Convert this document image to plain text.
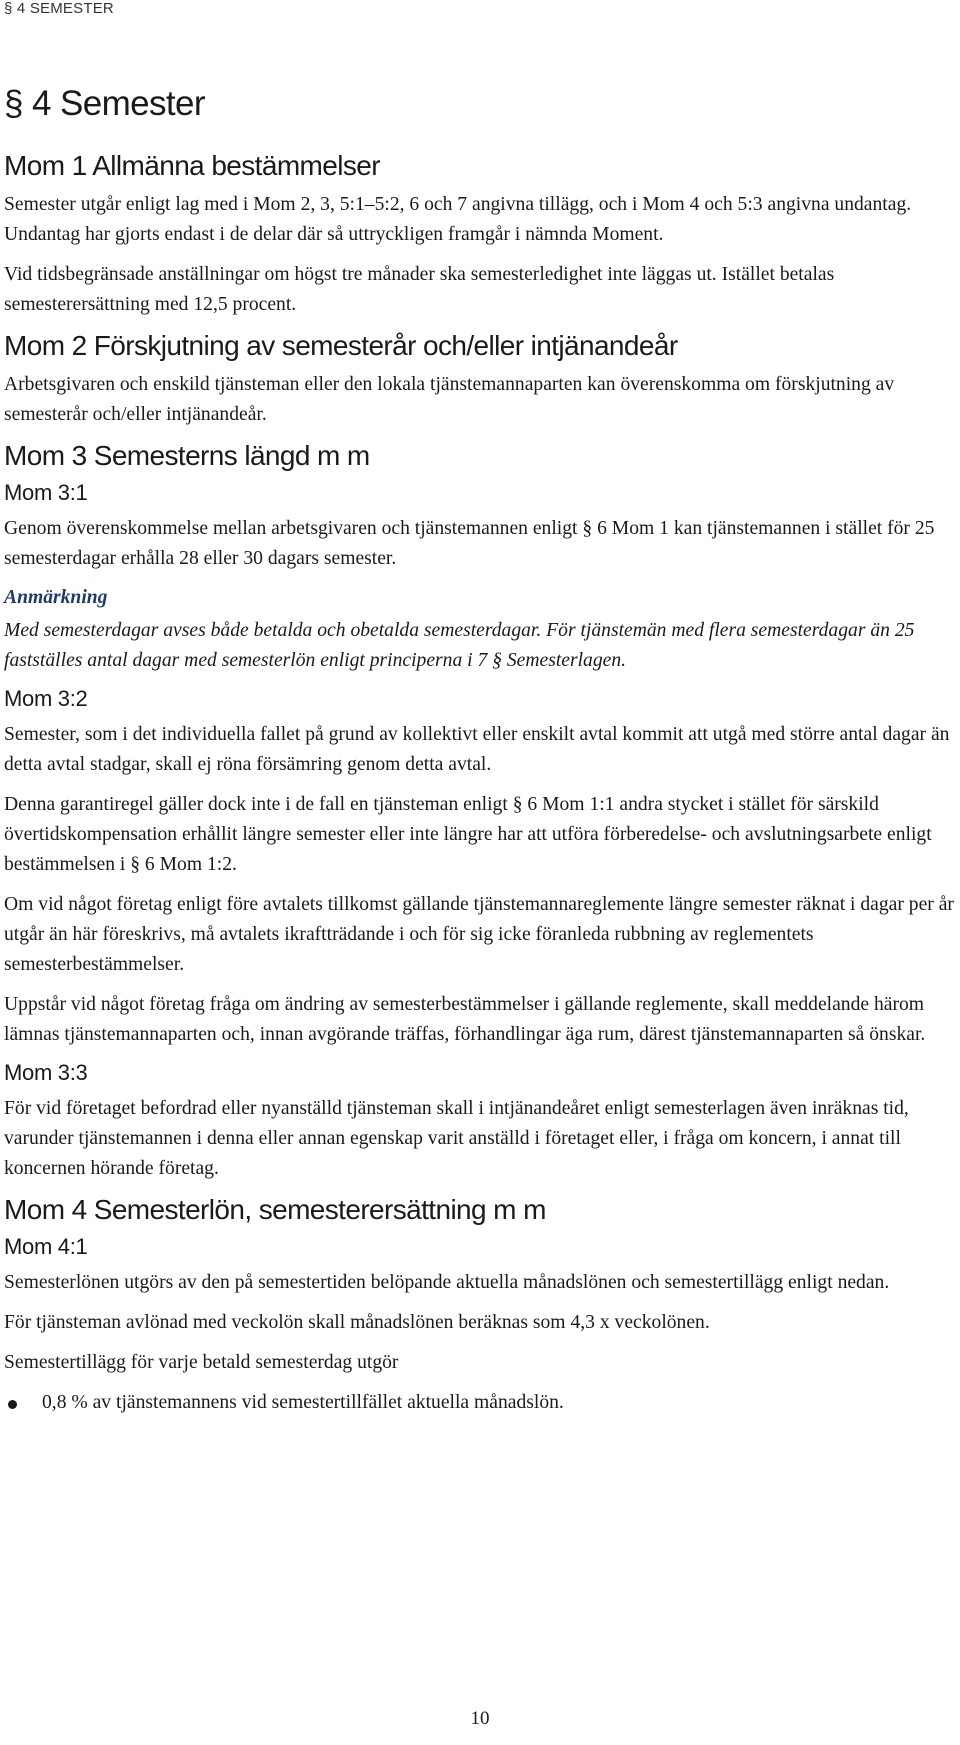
§ 4 SEMESTER
§ 4 Semester
Mom 1 Allmänna bestämmelser

Semester utgår enligt lag med i Mom 2, 3, 5:1–5:2, 6 och 7 angivna tillägg, och i Mom 4 och 5:3 angivna undantag. Undantag har gjorts endast i de delar där så uttryckligen framgår i nämnda Moment.

Vid tidsbegränsade anställningar om högst tre månader ska semesterledighet inte läggas ut. Istället betalas semesterersättning med 12,5 procent.

Mom 2 Förskjutning av semesterår och/eller intjänandeår

Arbetsgivaren och enskild tjänsteman eller den lokala tjänstemannaparten kan överenskomma om förskjutning av semesterår och/eller intjänandeår.

Mom 3 Semesterns längd m m
Mom 3:1

Genom överenskommelse mellan arbetsgivaren och tjänstemannen enligt § 6 Mom 1 kan tjänstemannen i stället för 25 semesterdagar erhålla 28 eller 30 dagars semester.

Anmärkning

Med semesterdagar avses både betalda och obetalda semesterdagar. För tjänstemän med flera semesterdagar än 25 fastställes antal dagar med semesterlön enligt principerna i 7 § Semesterlagen.

Mom 3:2

Semester, som i det individuella fallet på grund av kollektivt eller enskilt avtal kommit att utgå med större antal dagar än detta avtal stadgar, skall ej röna försämring genom detta avtal.

Denna garantiregel gäller dock inte i de fall en tjänsteman enligt § 6 Mom 1:1 andra stycket i stället för särskild övertidskompensation erhållit längre semester eller inte längre har att utföra förberedelse- och avslutningsarbete enligt bestämmelsen i § 6 Mom 1:2.

Om vid något företag enligt före avtalets tillkomst gällande tjänstemannareglemente längre semester räknat i dagar per år utgår än här föreskrivs, må avtalets ikraftträdande i och för sig icke föranleda rubbning av reglementets semesterbestämmelser.

Uppstår vid något företag fråga om ändring av semesterbestämmelser i gällande reglemente, skall meddelande härom lämnas tjänstemannaparten och, innan avgörande träffas, förhandlingar äga rum, därest tjänstemannaparten så önskar.

Mom 3:3

För vid företaget befordrad eller nyanställd tjänsteman skall i intjänandeåret enligt semesterlagen även inräknas tid, varunder tjänstemannen i denna eller annan egenskap varit anställd i företaget eller, i fråga om koncern, i annat till koncernen hörande företag.

Mom 4 Semesterlön, semesterersättning m m
Mom 4:1

Semesterlönen utgörs av den på semestertiden belöpande aktuella månadslönen och semestertillägg enligt nedan.

För tjänsteman avlönad med veckolön skall månadslönen beräknas som 4,3 x veckolönen.

Semestertillägg för varje betald semesterdag utgör

0,8 % av tjänstemannens vid semestertillfället aktuella månadslön.
10
